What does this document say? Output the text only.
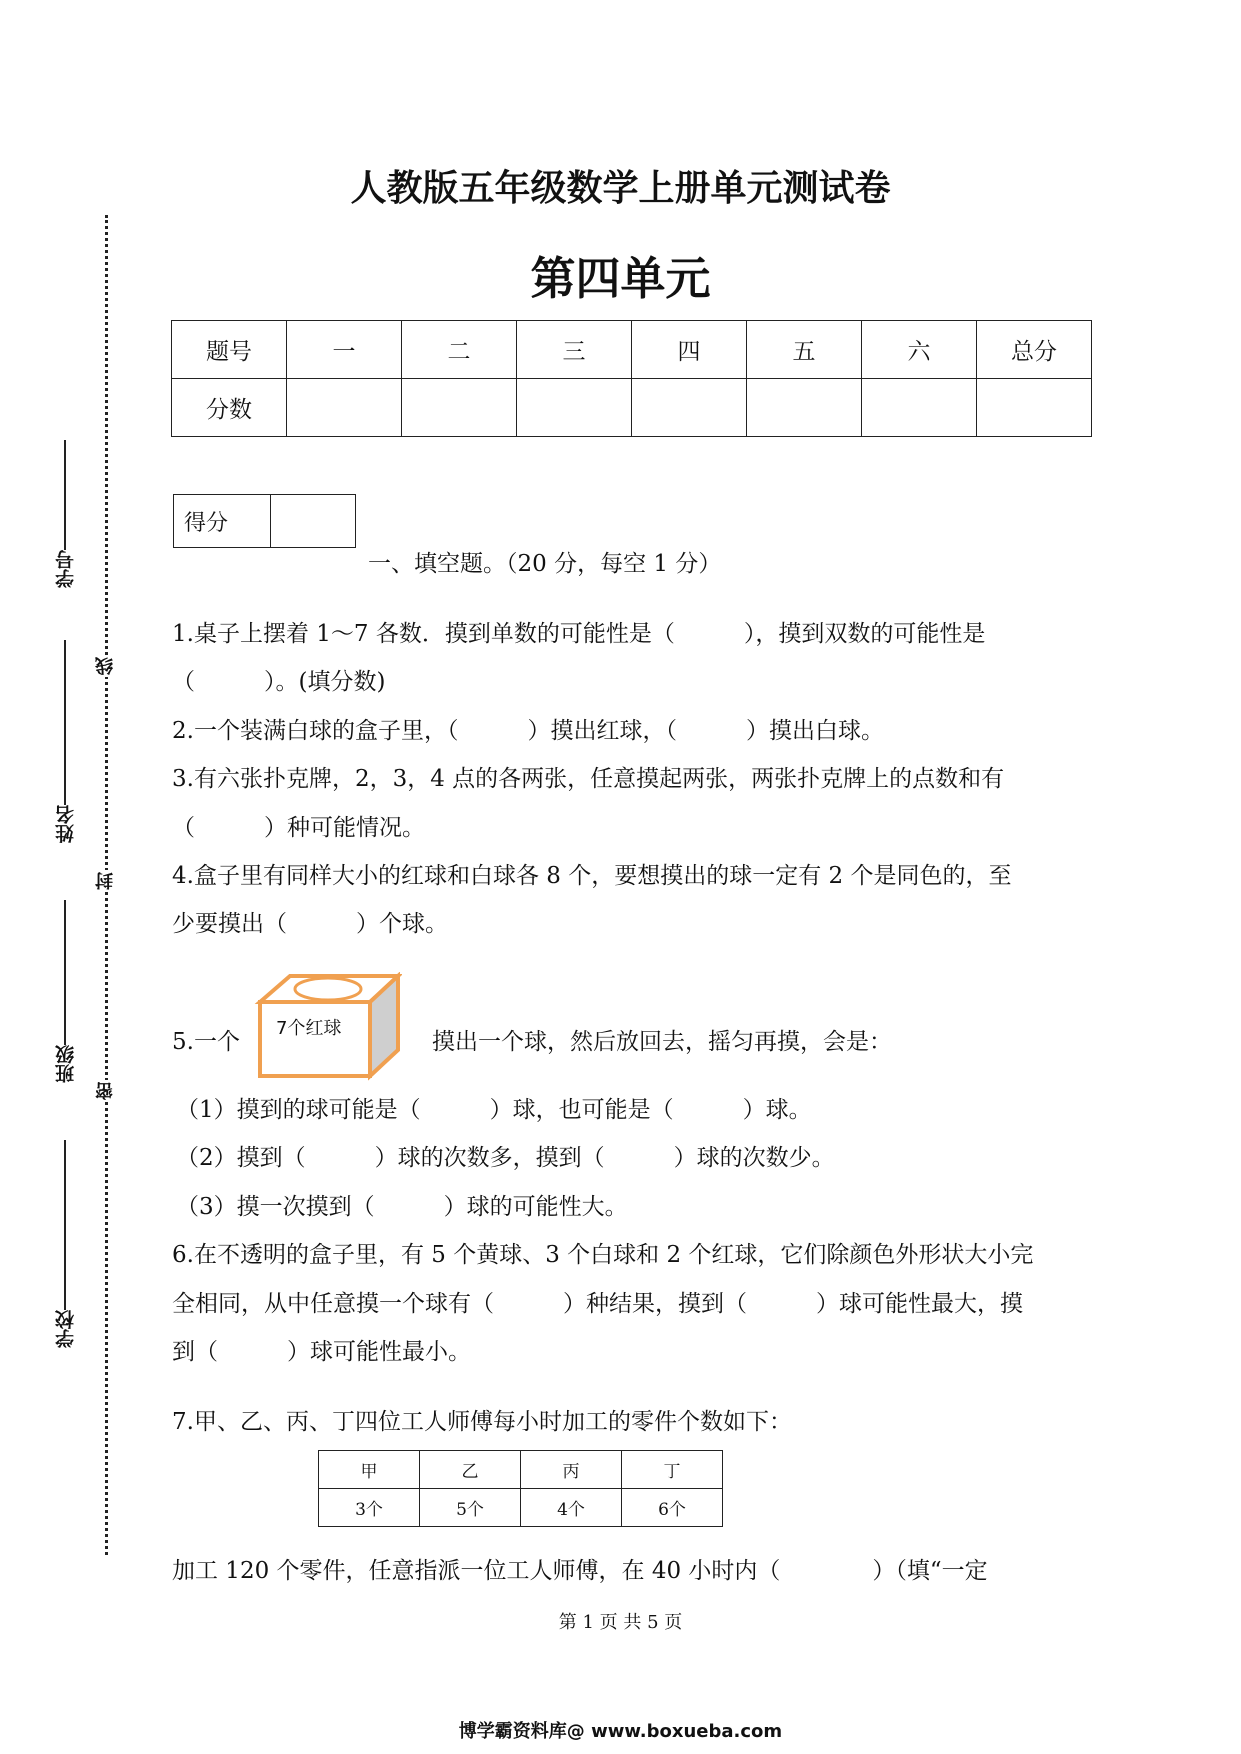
学号
姓名
班级
学校
线
封
密
人教版五年级数学上册单元测试卷
第四单元
题号	一	二	三	四	五	六	总分
分数							
得分	
一、填空题。（20 分，每空 1 分）
1.桌子上摆着 1～7 各数．摸到单数的可能性是（　　　），摸到双数的可能性是
（　　　）。(填分数)
2.一个装满白球的盒子里，（　　　）摸出红球，（　　　）摸出白球。
3.有六张扑克牌，2，3，4 点的各两张，任意摸起两张，两张扑克牌上的点数和有
（　　　）种可能情况。
4.盒子里有同样大小的红球和白球各 8 个，要想摸出的球一定有 2 个是同色的，至
少要摸出（　　　）个球。
5.一个
7个红球
摸出一个球，然后放回去，摇匀再摸，会是：
（1）摸到的球可能是（　　　）球，也可能是（　　　）球。
（2）摸到（　　　）球的次数多，摸到（　　　）球的次数少。
（3）摸一次摸到（　　　）球的可能性大。
6.在不透明的盒子里，有 5 个黄球、3 个白球和 2 个红球，它们除颜色外形状大小完
全相同，从中任意摸一个球有（　　　）种结果，摸到（　　　）球可能性最大，摸
到（　　　）球可能性最小。
7.甲、乙、丙、丁四位工人师傅每小时加工的零件个数如下：
甲	乙	丙	丁
3个	5个	4个	6个
加工 120 个零件，任意指派一位工人师傅，在 40 小时内（　　　　）（填“一定
第 1 页 共 5 页
博学霸资料库@ www.boxueba.com
